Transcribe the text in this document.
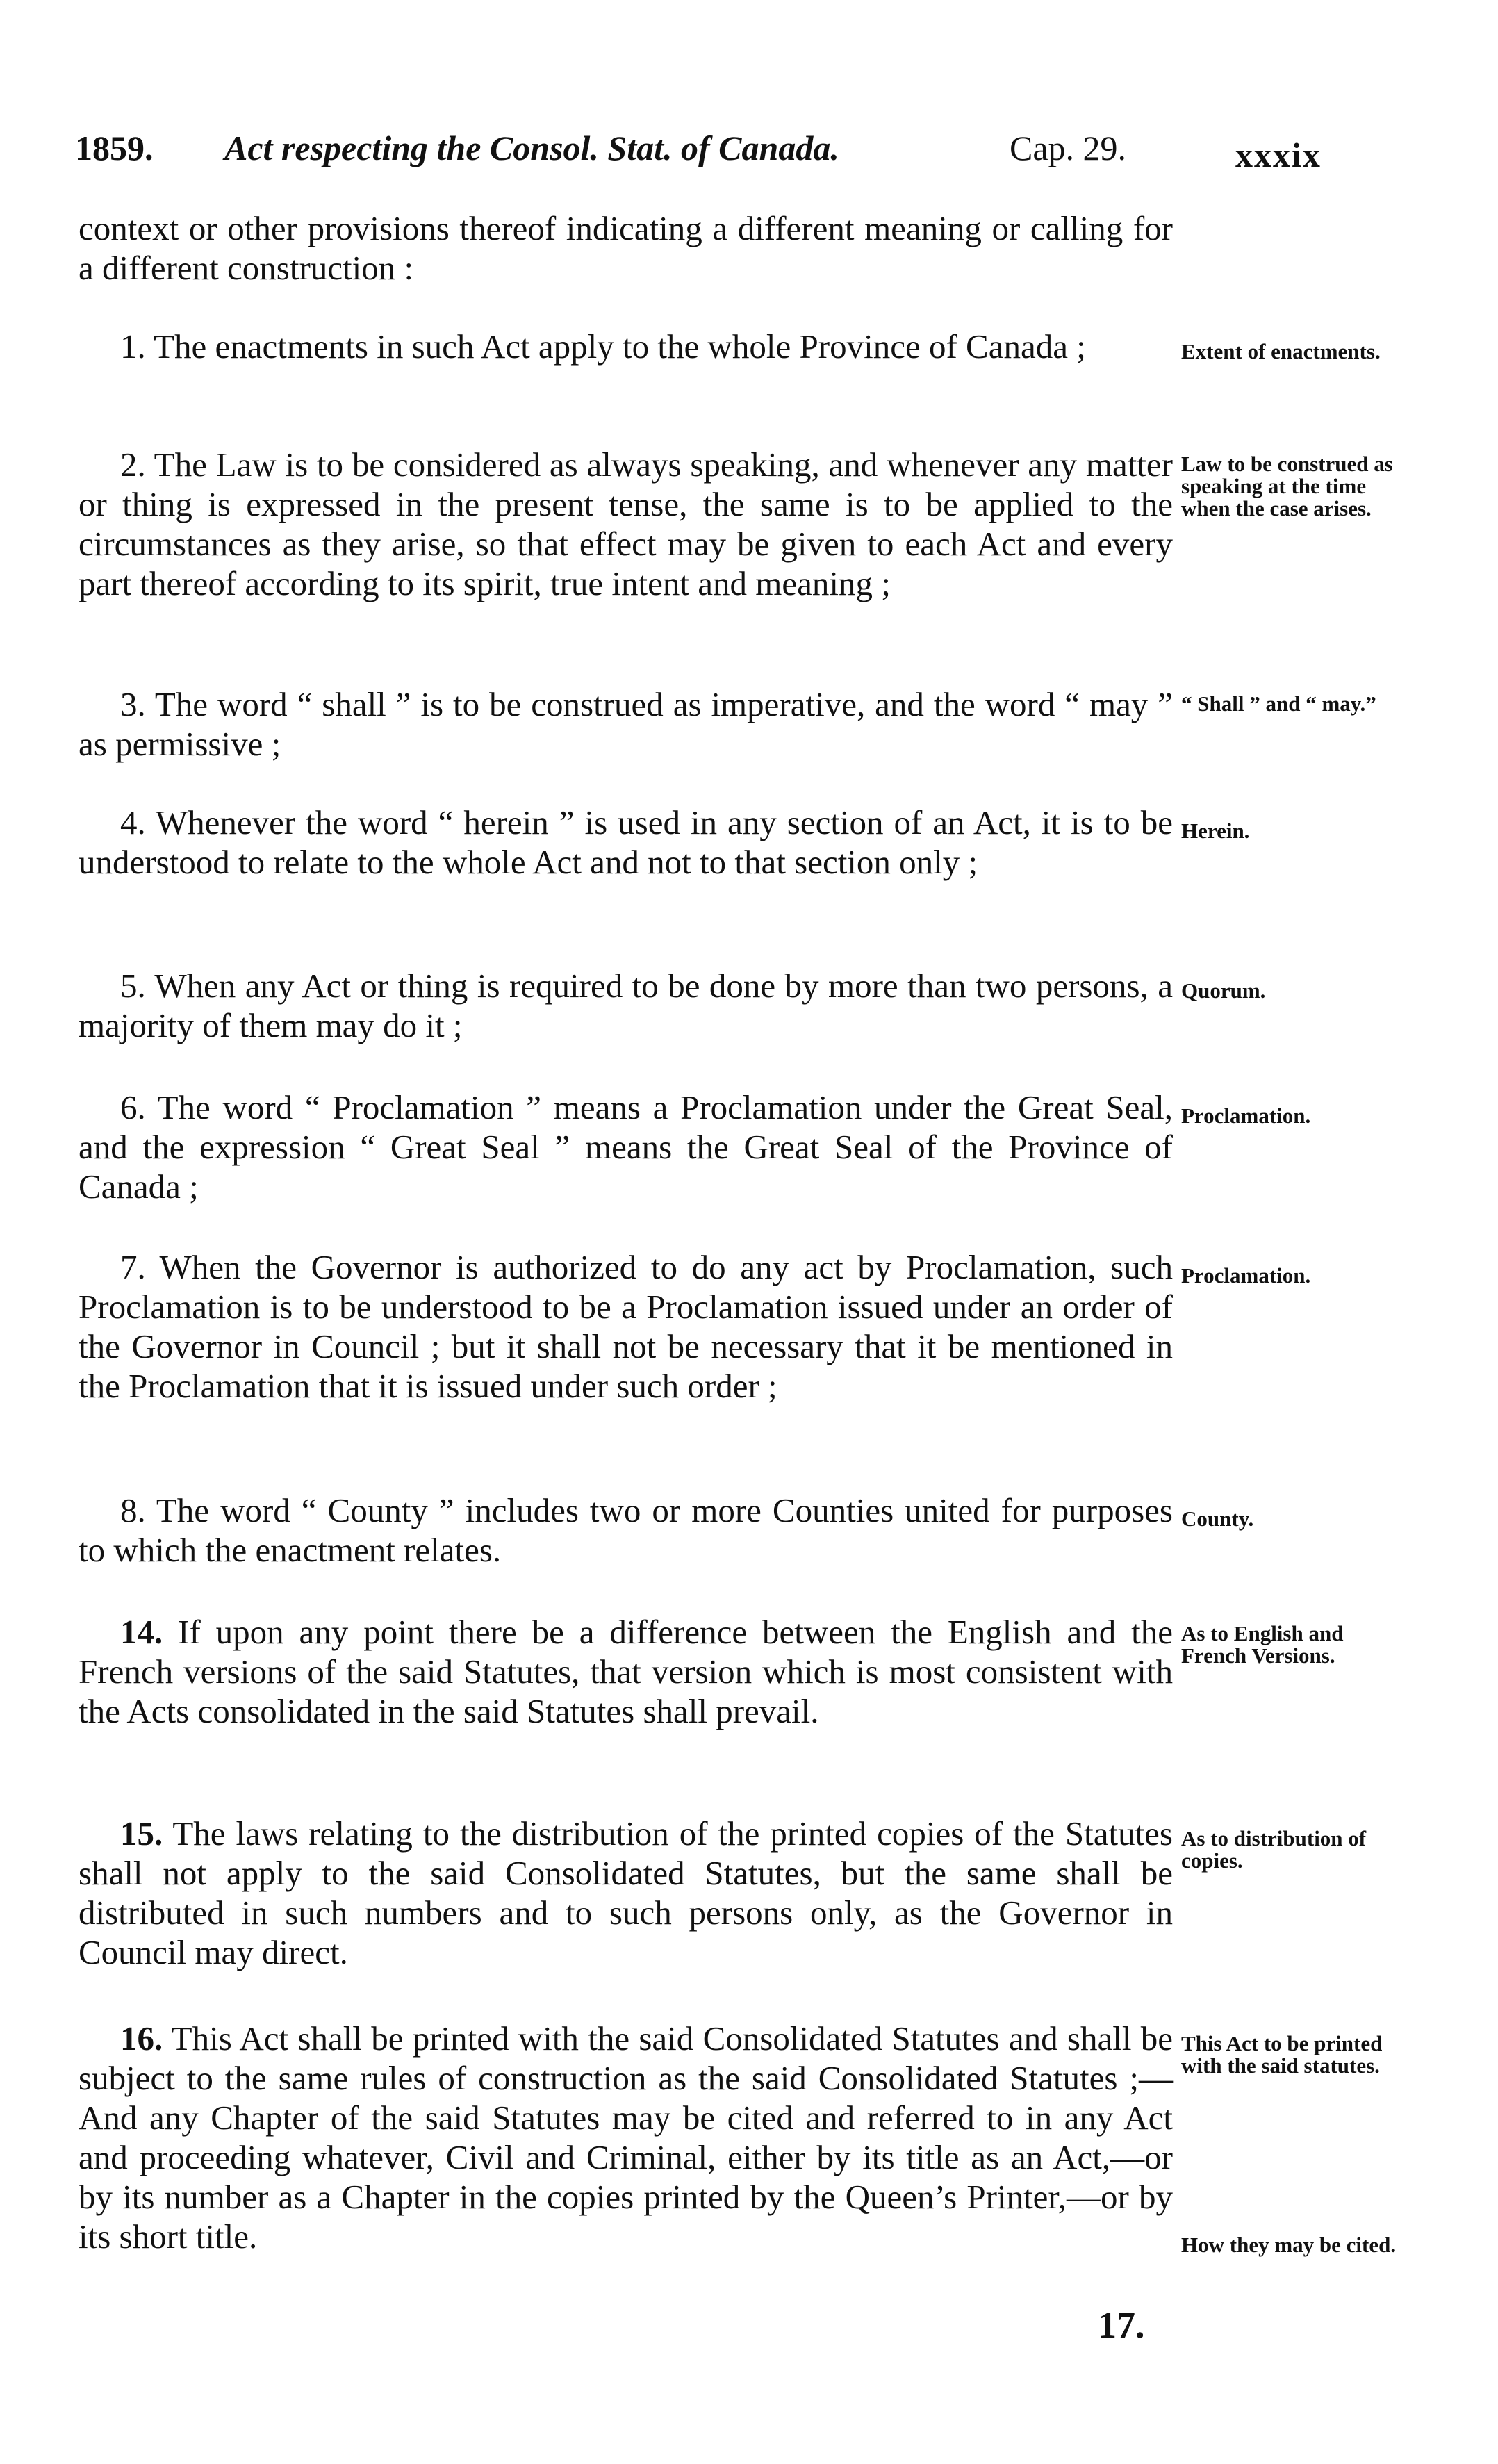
1859. Act respecting the Consol. Stat. of Canada.	Cap. 29.	xxxix

context or other provisions thereof indicating a different meaning or calling for a different construction :

1. The enactments in such Act apply to the whole Province of Canada ;	Extent of enactments.

2. The Law is to be considered as always speaking, and whenever any matter or thing is expressed in the present tense, the same is to be applied to the circumstances as they arise, so that effect may be given to each Act and every part thereof according to its spirit, true intent and meaning ;

Law to be construed as speaking at the time when the case arises.

3. The word “ shall ” is to be construed as imperative, and the word “ may ” as permissive ;

“ Shall ” and “ may.”

4. Whenever the word “ herein ” is used in any section of an Act, it is to be understood to relate to the whole Act and not to that section only ;

Herein.

5. When any Act or thing is required to be done by more than two persons, a majority of them may do it ;

Quorum.

6. The word “ Proclamation ” means a Proclamation under the Great Seal, and the expression “ Great Seal ” means the Great Seal of the Province of Canada ;

Proclamation.

7. When the Governor is authorized to do any act by Proclamation, such Proclamation is to be understood to be a Proclamation issued under an order of the Governor in Council ; but it shall not be necessary that it be mentioned in the Proclamation that it is issued under such order ;

Proclamation.

8. The word “ County ” includes two or more Counties united for purposes to which the enactment relates.

County.

14. If upon any point there be a difference between the English and the French versions of the said Statutes, that version which is most consistent with the Acts consolidated in the said Statutes shall prevail.

As to English and French Versions.

15. The laws relating to the distribution of the printed copies of the Statutes shall not apply to the said Consolidated Statutes, but the same shall be distributed in such numbers and to such persons only, as the Governor in Council may direct.

As to distribution of copies.

16. This Act shall be printed with the said Consolidated Statutes and shall be subject to the same rules of construction as the said Consolidated Statutes ;—And any Chapter of the said Statutes may be cited and referred to in any Act and proceeding whatever, Civil and Criminal, either by its title as an Act,—or by its number as a Chapter in the copies printed by the Queen’s Printer,—or by its short title.

This Act to be printed with the said statutes.
How they may be cited.
17.
